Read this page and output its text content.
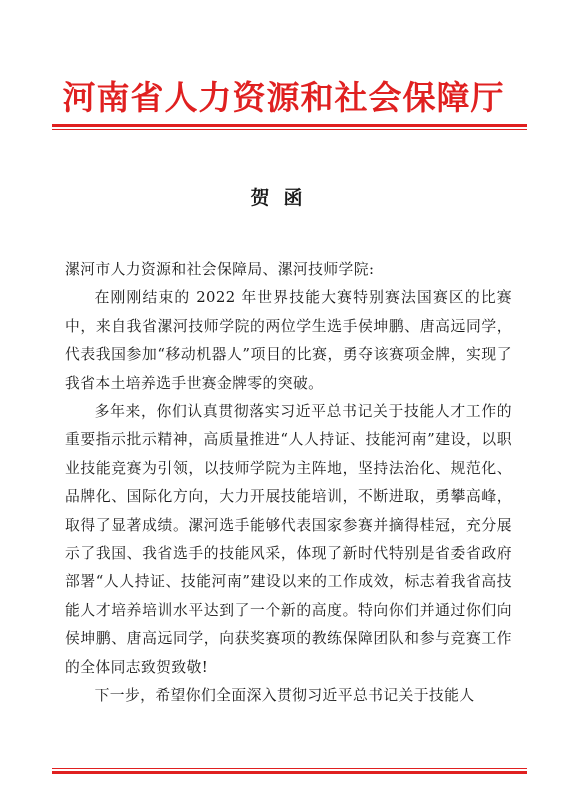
河南省人力资源和社会保障厅
贺函

漯河市人力资源和社会保障局、漯河技师学院:

在刚刚结束的 2022 年世界技能大赛特别赛法国赛区的比赛中，来自我省漯河技师学院的两位学生选手侯坤鹏、唐高远同学，代表我国参加“移动机器人”项目的比赛，勇夺该赛项金牌，实现了我省本土培养选手世赛金牌零的突破。

多年来，你们认真贯彻落实习近平总书记关于技能人才工作的重要指示批示精神，高质量推进“人人持证、技能河南”建设，以职业技能竞赛为引领，以技师学院为主阵地，坚持法治化、规范化、品牌化、国际化方向，大力开展技能培训，不断进取，勇攀高峰，取得了显著成绩。漯河选手能够代表国家参赛并摘得桂冠，充分展示了我国、我省选手的技能风采，体现了新时代特别是省委省政府部署“人人持证、技能河南”建设以来的工作成效，标志着我省高技能人才培养培训水平达到了一个新的高度。特向你们并通过你们向侯坤鹏、唐高远同学，向获奖赛项的教练保障团队和参与竞赛工作的全体同志致贺致敬!

下一步，希望你们全面深入贯彻习近平总书记关于技能人
